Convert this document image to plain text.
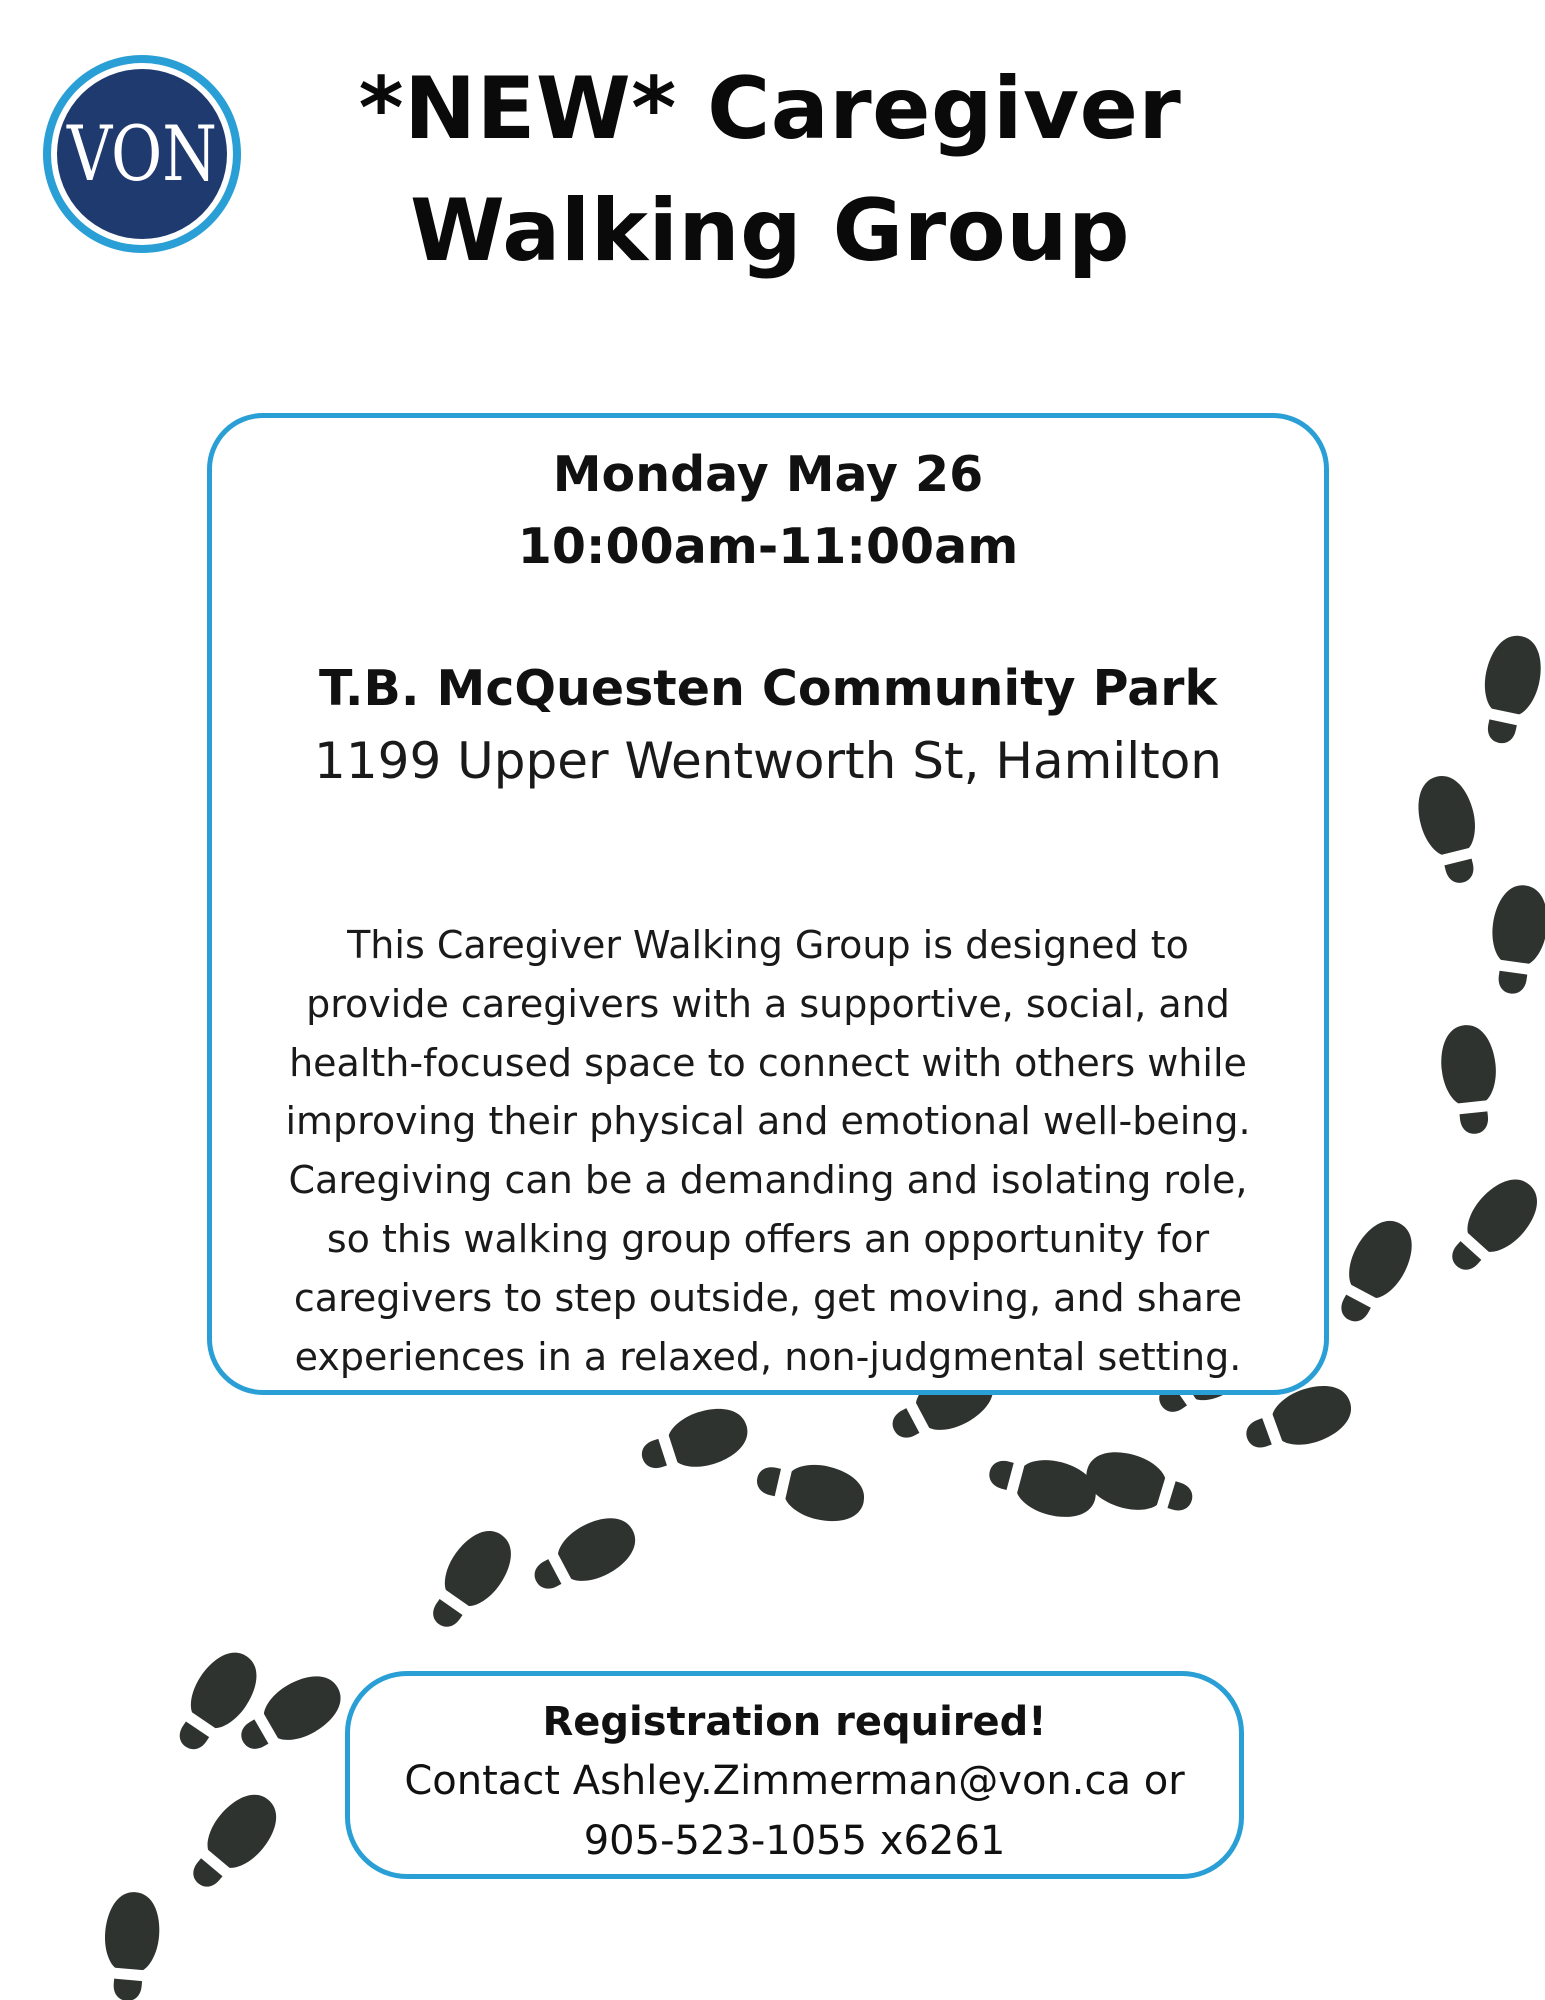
VON	*NEW* Caregiver
Walking Group
Monday May 26
10:00am-11:00am
T.B. McQuesten Community Park
1199 Upper Wentworth St, Hamilton
This Caregiver Walking Group is designed to
provide caregivers with a supportive, social, and
health-focused space to connect with others while
improving their physical and emotional well-being.
Caregiving can be a demanding and isolating role,
so this walking group offers an opportunity for
caregivers to step outside, get moving, and share
experiences in a relaxed, non-judgmental setting.
Registration required!
Contact Ashley.Zimmerman@von.ca or
905-523-1055 x6261
